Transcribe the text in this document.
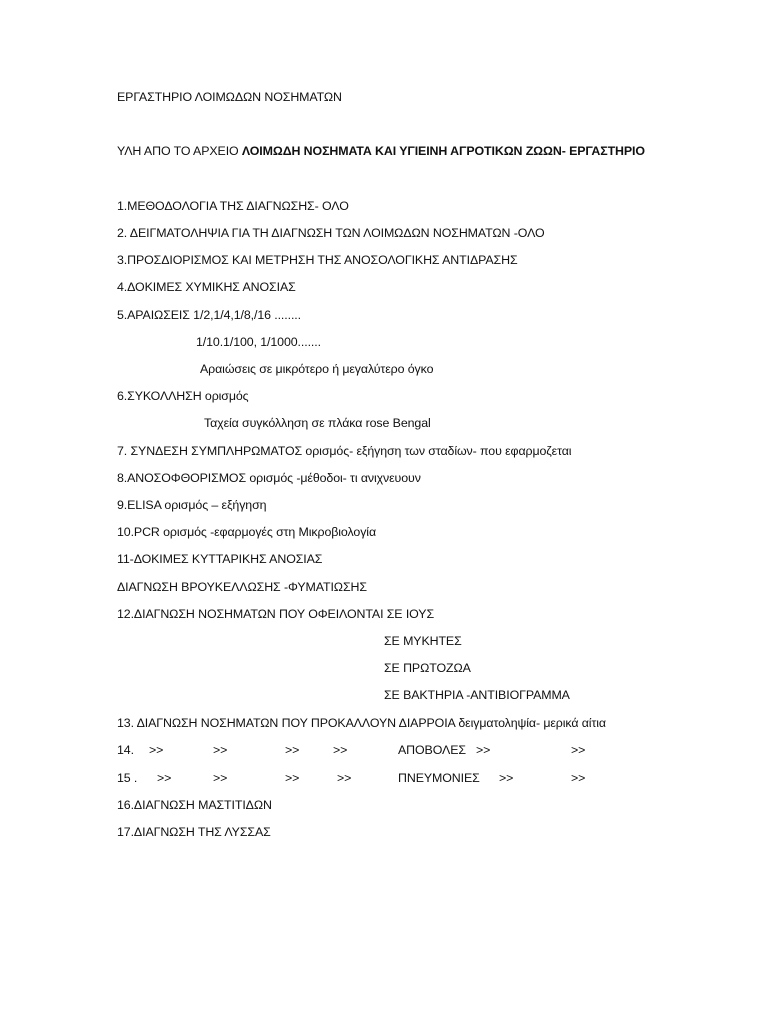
ΕΡΓΑΣΤΗΡΙΟ ΛΟΙΜΩΔΩΝ ΝΟΣΗΜΑΤΩΝ
ΥΛΗ ΑΠΟ ΤΟ ΑΡΧΕΙΟ ΛΟΙΜΩΔΗ ΝΟΣΗΜΑΤΑ ΚΑΙ ΥΓΙΕΙΝΗ ΑΓΡΟΤΙΚΩΝ ΖΩΩΝ- ΕΡΓΑΣΤΗΡΙΟ
1.ΜΕΘΟΔΟΛΟΓΙΑ ΤΗΣ ΔΙΑΓΝΩΣΗΣ- ΟΛΟ
2. ΔΕΙΓΜΑΤΟΛΗΨΙΑ ΓΙΑ ΤΗ ΔΙΑΓΝΩΣΗ ΤΩΝ ΛΟΙΜΩΔΩΝ ΝΟΣΗΜΑΤΩΝ -ΟΛΟ
3.ΠΡΟΣΔΙΟΡΙΣΜΟΣ ΚΑΙ ΜΕΤΡΗΣΗ ΤΗΣ ΑΝΟΣΟΛΟΓΙΚΗΣ ΑΝΤΙΔΡΑΣΗΣ
4.ΔΟΚΙΜΕΣ ΧΥΜΙΚΗΣ ΑΝΟΣΙΑΣ
5.ΑΡΑΙΩΣΕΙΣ 1/2,1/4,1/8,/16 ........
1/10.1/100, 1/1000.......
Αραιώσεις σε μικρότερο ή μεγαλύτερο όγκο
6.ΣΥΚΟΛΛΗΣΗ ορισμός
Ταχεία συγκόλληση σε πλάκα rose Bengal
7. ΣΥΝΔΕΣΗ ΣΥΜΠΛΗΡΩΜΑΤΟΣ ορισμός- εξήγηση των σταδίων- που εφαρμοζεται
8.ΑΝΟΣΟΦΘΟΡΙΣΜΟΣ ορισμός -μέθοδοι- τι ανιχνευουν
9.ELISA ορισμός – εξήγηση
10.PCR ορισμός -εφαρμογές στη Μικροβιολογία
11-ΔΟΚΙΜΕΣ ΚΥΤΤΑΡΙΚΗΣ ΑΝΟΣΙΑΣ
ΔΙΑΓΝΩΣΗ ΒΡΟΥΚΕΛΛΩΣΗΣ -ΦΥΜΑΤΙΩΣΗΣ
12.ΔΙΑΓΝΩΣΗ ΝΟΣΗΜΑΤΩΝ ΠΟΥ ΟΦΕΙΛΟΝΤΑΙ ΣΕ ΙΟΥΣ
ΣΕ ΜΥΚΗΤΕΣ
ΣΕ ΠΡΩΤΟΖΩΑ
ΣΕ ΒΑΚΤΗΡΙΑ -ΑΝΤΙΒΙΟΓΡΑΜΜΑ
13. ΔΙΑΓΝΩΣΗ ΝΟΣΗΜΑΤΩΝ ΠΟΥ ΠΡΟΚΑΛΛΟΥΝ ΔΙΑΡΡΟΙΑ δειγματοληψία- μερικά αίτια
14. >>	>>	>>	>>	ΑΠΟΒΟΛΕΣ >>	>>
15 . >>	>>	>>	>>	ΠΝΕΥΜΟΝΙΕΣ >>	>>
16.ΔΙΑΓΝΩΣΗ ΜΑΣΤΙΤΙΔΩΝ
17.ΔΙΑΓΝΩΣΗ ΤΗΣ ΛΥΣΣΑΣ
